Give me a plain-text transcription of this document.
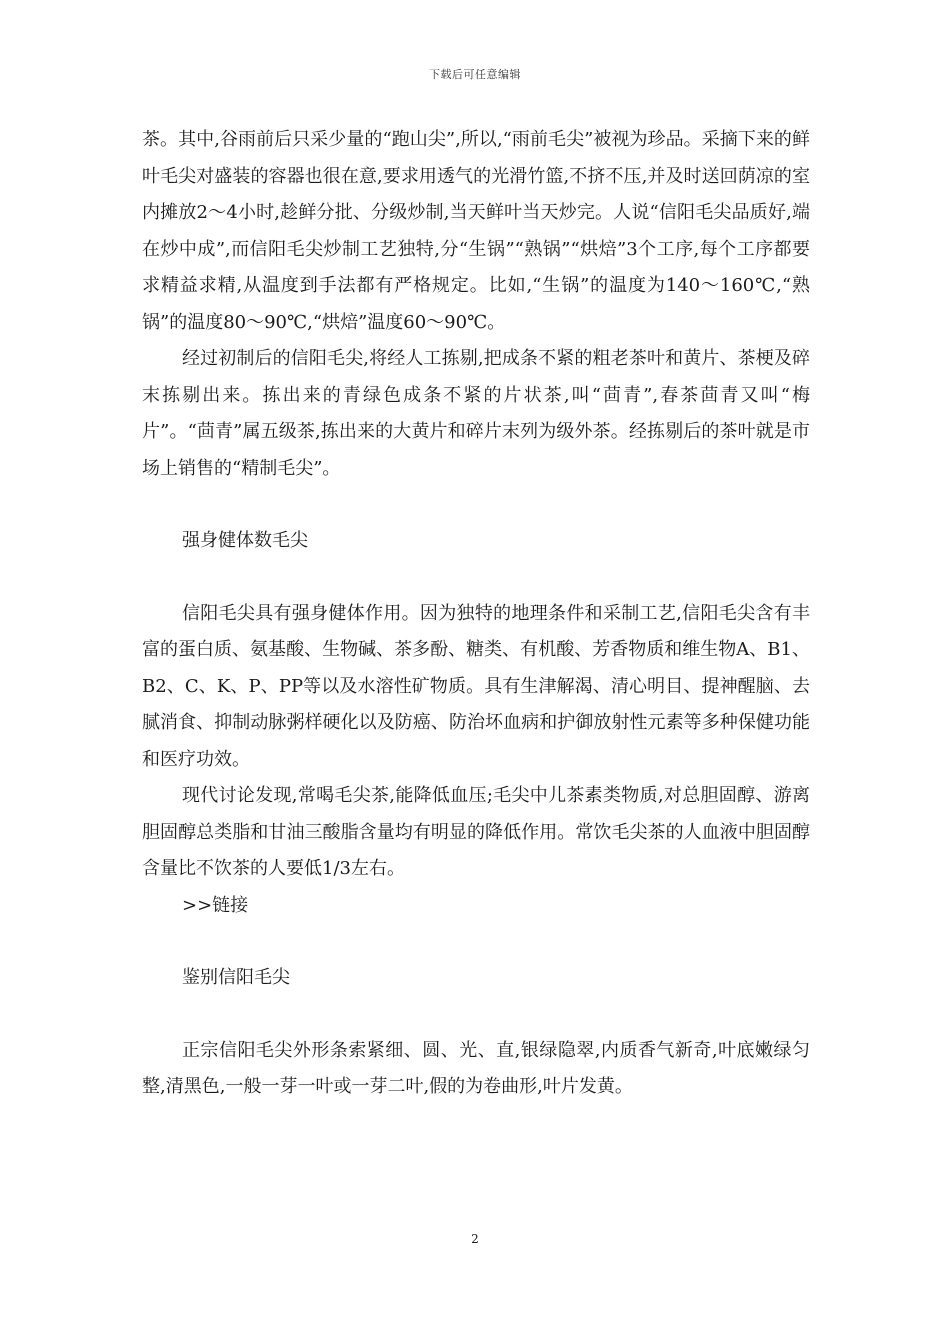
下载后可任意编辑

茶。其中,谷雨前后只采少量的“跑山尖”,所以,“雨前毛尖”被视为珍品。采摘下来的鲜叶毛尖对盛装的容器也很在意,要求用透气的光滑竹篮,不挤不压,并及时送回荫凉的室内摊放2～4小时,趁鲜分批、分级炒制,当天鲜叶当天炒完。人说“信阳毛尖品质好,端在炒中成”,而信阳毛尖炒制工艺独特,分“生锅”“熟锅”“烘焙”3个工序,每个工序都要求精益求精,从温度到手法都有严格规定。比如,“生锅”的温度为140～160℃,“熟锅”的温度80～90℃,“烘焙”温度60～90℃。

经过初制后的信阳毛尖,将经人工拣剔,把成条不紧的粗老茶叶和黄片、茶梗及碎末拣剔出来。拣出来的青绿色成条不紧的片状茶,叫“茴青”,春茶茴青又叫“梅片”。“茴青”属五级茶,拣出来的大黄片和碎片末列为级外茶。经拣剔后的茶叶就是市场上销售的“精制毛尖”。

强身健体数毛尖

信阳毛尖具有强身健体作用。因为独特的地理条件和采制工艺,信阳毛尖含有丰富的蛋白质、氨基酸、生物碱、茶多酚、糖类、有机酸、芳香物质和维生物A、B1、B2、C、K、P、PP等以及水溶性矿物质。具有生津解渴、清心明目、提神醒脑、去腻消食、抑制动脉粥样硬化以及防癌、防治坏血病和护御放射性元素等多种保健功能和医疗功效。

现代讨论发现,常喝毛尖茶,能降低血压;毛尖中儿茶素类物质,对总胆固醇、游离胆固醇总类脂和甘油三酸脂含量均有明显的降低作用。常饮毛尖茶的人血液中胆固醇含量比不饮茶的人要低1/3左右。

>>链接

鉴别信阳毛尖

正宗信阳毛尖外形条索紧细、圆、光、直,银绿隐翠,内质香气新奇,叶底嫩绿匀整,清黑色,一般一芽一叶或一芽二叶,假的为卷曲形,叶片发黄。

2
